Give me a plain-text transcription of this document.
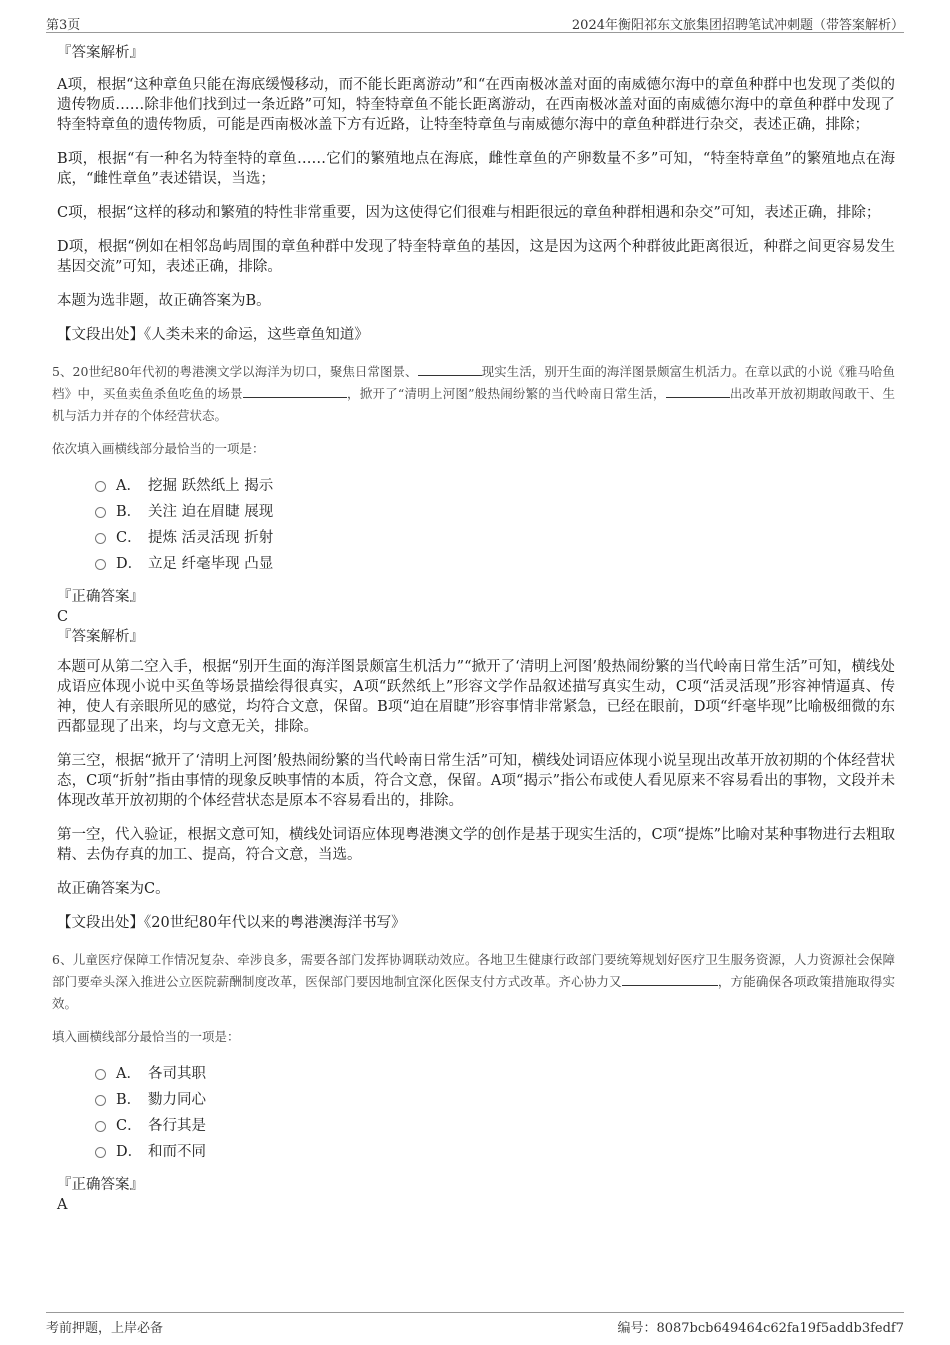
第3页	2024年衡阳祁东文旅集团招聘笔试冲刺题（带答案解析）
『答案解析』

A项，根据“这种章鱼只能在海底缓慢移动，而不能长距离游动”和“在西南极冰盖对面的南威德尔海中的章鱼种群中也发现了类似的遗传物质……除非他们找到过一条近路”可知，特奎特章鱼不能长距离游动，在西南极冰盖对面的南威德尔海中的章鱼种群中发现了特奎特章鱼的遗传物质，可能是西南极冰盖下方有近路，让特奎特章鱼与南威德尔海中的章鱼种群进行杂交，表述正确，排除；

B项，根据“有一种名为特奎特的章鱼……它们的繁殖地点在海底，雌性章鱼的产卵数量不多”可知，“特奎特章鱼”的繁殖地点在海底，“雌性章鱼”表述错误，当选；

C项，根据“这样的移动和繁殖的特性非常重要，因为这使得它们很难与相距很远的章鱼种群相遇和杂交”可知，表述正确，排除；

D项，根据“例如在相邻岛屿周围的章鱼种群中发现了特奎特章鱼的基因，这是因为这两个种群彼此距离很近，种群之间更容易发生基因交流”可知，表述正确，排除。

本题为选非题，故正确答案为B。

【文段出处】《人类未来的命运，这些章鱼知道》

5、20世纪80年代初的粤港澳文学以海洋为切口，聚焦日常图景、	现实生活，别开生面的海洋图景颇富生机活力。在章以武的小说《雅马哈鱼档》中，买鱼卖鱼杀鱼吃鱼的场景	，掀开了“清明上河图”般热闹纷繁的当代岭南日常生活，	出改革开放初期敢闯敢干、生机与活力并存的个体经营状态。

依次填入画横线部分最恰当的一项是：

A． 挖掘 跃然纸上 揭示
B． 关注 迫在眉睫 展现
C． 提炼 活灵活现 折射
D． 立足 纤毫毕现 凸显

『正确答案』

C

『答案解析』

本题可从第二空入手，根据“别开生面的海洋图景颇富生机活力”“掀开了‘清明上河图’般热闹纷繁的当代岭南日常生活”可知，横线处成语应体现小说中买鱼等场景描绘得很真实，A项“跃然纸上”形容文学作品叙述描写真实生动，C项“活灵活现”形容神情逼真、传神，使人有亲眼所见的感觉，均符合文意，保留。B项“迫在眉睫”形容事情非常紧急，已经在眼前，D项“纤毫毕现”比喻极细微的东西都显现了出来，均与文意无关，排除。

第三空，根据“掀开了‘清明上河图’般热闹纷繁的当代岭南日常生活”可知，横线处词语应体现小说呈现出改革开放初期的个体经营状态，C项“折射”指由事情的现象反映事情的本质，符合文意，保留。A项“揭示”指公布或使人看见原来不容易看出的事物，文段并未体现改革开放初期的个体经营状态是原本不容易看出的，排除。

第一空，代入验证，根据文意可知，横线处词语应体现粤港澳文学的创作是基于现实生活的，C项“提炼”比喻对某种事物进行去粗取精、去伪存真的加工、提高，符合文意，当选。

故正确答案为C。

【文段出处】《20世纪80年代以来的粤港澳海洋书写》

6、儿童医疗保障工作情况复杂、牵涉良多，需要各部门发挥协调联动效应。各地卫生健康行政部门要统筹规划好医疗卫生服务资源，人力资源社会保障部门要牵头深入推进公立医院薪酬制度改革，医保部门要因地制宜深化医保支付方式改革。齐心协力又	，方能确保各项政策措施取得实效。

填入画横线部分最恰当的一项是：

A． 各司其职
B． 勠力同心
C． 各行其是
D． 和而不同

『正确答案』

A

考前押题，上岸必备	编号：8087bcb649464c62fa19f5addb3fedf7
